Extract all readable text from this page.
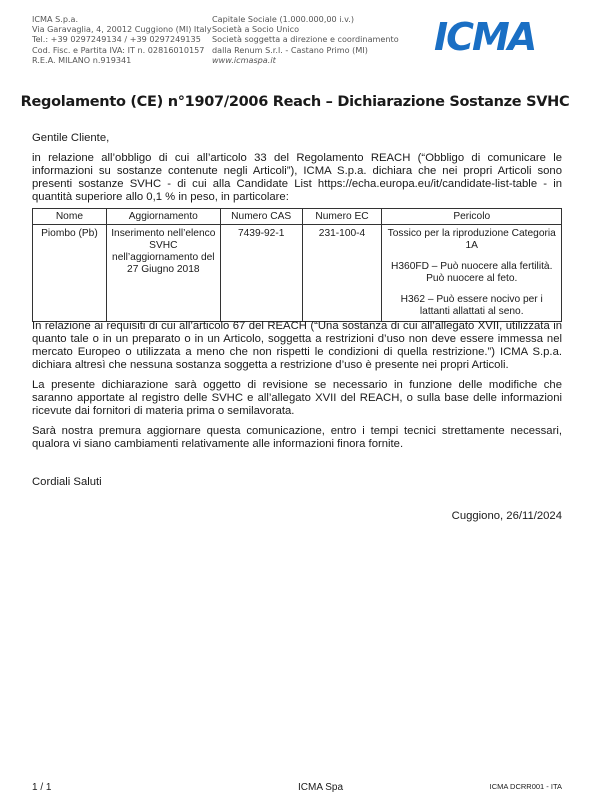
ICMA S.p.a.
Via Garavaglia, 4, 20012 Cuggiono (MI) Italy
Tel.: +39 0297249134 / +39 0297249135
Cod. Fisc. e Partita IVA: IT n. 02816010157
R.E.A. MILANO n.919341
Capitale Sociale (1.000.000,00 i.v.)
Società a Socio Unico
Società soggetta a direzione e coordinamento
dalla Renum S.r.l. - Castano Primo (MI)
www.icmaspa.it
ICMA
Regolamento (CE) n°1907/2006 Reach – Dichiarazione Sostanze SVHC

Gentile Cliente,

in relazione all’obbligo di cui all’articolo 33 del Regolamento REACH (“Obbligo di comunicare le informazioni su sostanze contenute negli Articoli”), ICMA S.p.a. dichiara che nei propri Articoli sono presenti sostanze SVHC - di cui alla Candidate List https://echa.europa.eu/it/candidate-list-table - in quantità superiore allo 0,1 % in peso, in particolare:

Nome	Aggiornamento	Numero CAS	Numero EC	Pericolo
Piombo (Pb)	Inserimento nell’elenco SVHC nell’aggiornamento del 27 Giugno 2018	7439-92-1	231-100-4	Tossico per la riproduzione Categoria 1A
H360FD – Può nuocere alla fertilità. Può nuocere al feto.
H362 – Può essere nocivo per i lattanti allattati al seno.

In relazione ai requisiti di cui all’articolo 67 del REACH (“Una sostanza di cui all’allegato XVII, utilizzata in quanto tale o in un preparato o in un Articolo, soggetta a restrizioni d’uso non deve essere immessa nel mercato Europeo o utilizzata a meno che non rispetti le condizioni di quella restrizione.”) ICMA S.p.a. dichiara altresì che nessuna sostanza soggetta a restrizione d’uso è presente nei propri Articoli.

La presente dichiarazione sarà oggetto di revisione se necessario in funzione delle modifiche che saranno apportate al registro delle SVHC e all’allegato XVII del REACH, o sulla base delle informazioni ricevute dai fornitori di materia prima o semilavorata.

Sarà nostra premura aggiornare questa comunicazione, entro i tempi tecnici strettamente necessari, qualora vi siano cambiamenti relativamente alle informazioni finora fornite.

Cordiali Saluti
Cuggiono, 26/11/2024
1 / 1	ICMA Spa	ICMA DCRR001 - ITA
